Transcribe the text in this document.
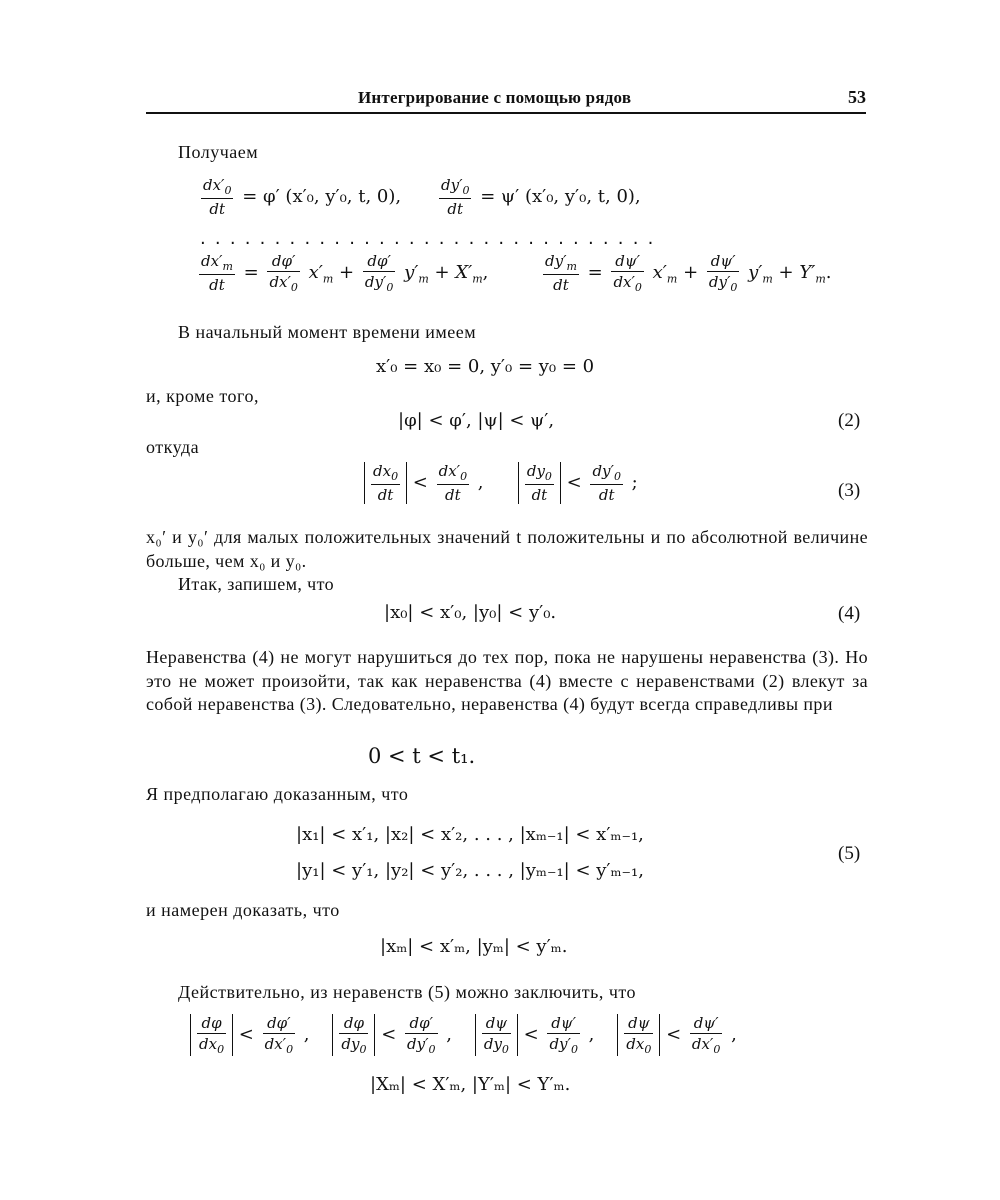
Интегрирование с помощью рядов	53
Получаем
$\frac{dx'_0}{dt} = \varphi'$ (x′₀, y′₀, t, 0),	$\frac{dy'_0}{dt} = \psi'$ (x′₀, y′₀, t, 0),
...............................
$\frac{dx'_m}{dt} = \frac{d\varphi'}{dx'_0} x'_m + \frac{d\varphi'}{dy'_0} y'_m + X'_m$,	$\frac{dy'_m}{dt} = \frac{d\psi'}{dx'_0} x'_m + \frac{d\psi'}{dy'_0} y'_m + Y'_m$.
В начальный момент времени имеем
x′₀ = x₀ = 0, y′₀ = y₀ = 0
и, кроме того,
|φ| < φ′, |ψ| < ψ′,	(2)
откуда
$\frac{dx_0}{dt} < \frac{dx'_0}{dt}$ , $\frac{dy_0}{dt} < \frac{dy'_0}{dt}$ ;	(3)

x₀′ и y₀′ для малых положительных значений t положительны и по абсолютной величине больше, чем x₀ и y₀.

Итак, запишем, что

|x₀| < x′₀, |y₀| < y′₀.	(4)

Неравенства (4) не могут нарушиться до тех пор, пока не нарушены неравенства (3). Но это не может произойти, так как неравенства (4) вместе с неравенствами (2) влекут за собой неравенства (3). Следовательно, неравенства (4) будут всегда справедливы при

0 < t < t₁.
Я предполагаю доказанным, что
|x₁| < x′₁, |x₂| < x′₂, . . . , |xₘ₋₁| < x′ₘ₋₁,
|y₁| < y′₁, |y₂| < y′₂, . . . , |yₘ₋₁| < y′ₘ₋₁,
(5)
и намерен доказать, что
|xₘ| < x′ₘ, |yₘ| < y′ₘ.
Действительно, из неравенств (5) можно заключить, что
$\frac{d\varphi}{dx_0} < \frac{d\varphi'}{dx'_0}$ , $\frac{d\varphi}{dy_0} < \frac{d\varphi'}{dy'_0}$ , $\frac{d\psi}{dy_0} < \frac{d\psi'}{dy'_0}$ , $\frac{d\psi}{dx_0} < \frac{d\psi'}{dx'_0}$ ,
|Xₘ| < X′ₘ, |Y′ₘ| < Y′ₘ.
